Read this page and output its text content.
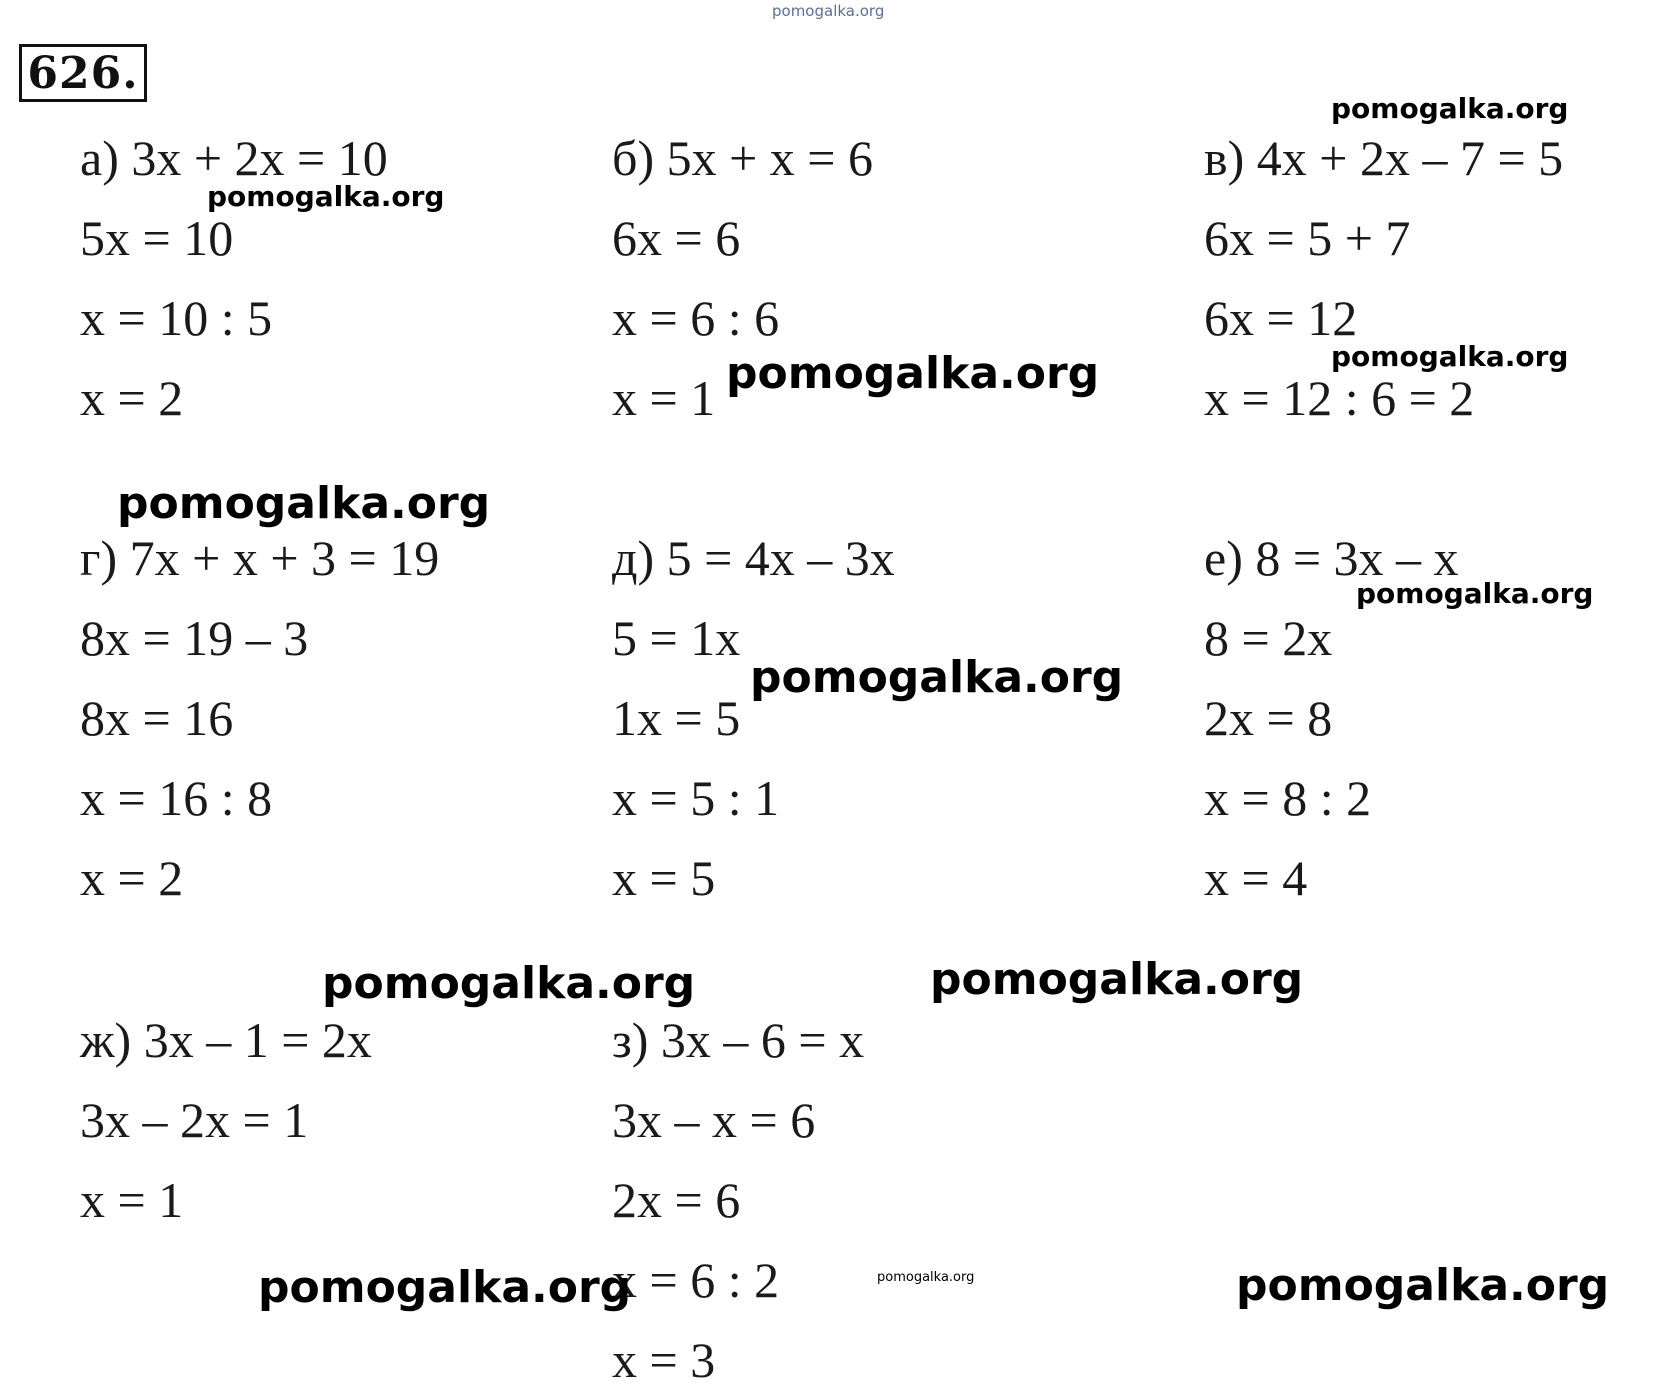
pomogalka.org
626.
а) 3х + 2х = 10
5х = 10
х = 10 : 5
х = 2
б) 5х + х = 6
6х = 6
х = 6 : 6
х = 1
в) 4х + 2х – 7 = 5
6х = 5 + 7
6х = 12
х = 12 : 6 = 2
г) 7х + х + 3 = 19
8х = 19 – 3
8х = 16
х = 16 : 8
х = 2
д) 5 = 4х – 3х
5 = 1х
1х = 5
х = 5 : 1
х = 5
е) 8 = 3х – х
8 = 2х
2х = 8
х = 8 : 2
х = 4
ж) 3х – 1 = 2х
3х – 2х = 1
х = 1
з) 3х – 6 = х
3х – х = 6
2х = 6
х = 6 : 2
х = 3
pomogalka.org
pomogalka.org
pomogalka.org	pomogalka.org
pomogalka.org
pomogalka.org
pomogalka.org
pomogalka.org	pomogalka.org
pomogalka.org	pomogalka.org	pomogalka.org
